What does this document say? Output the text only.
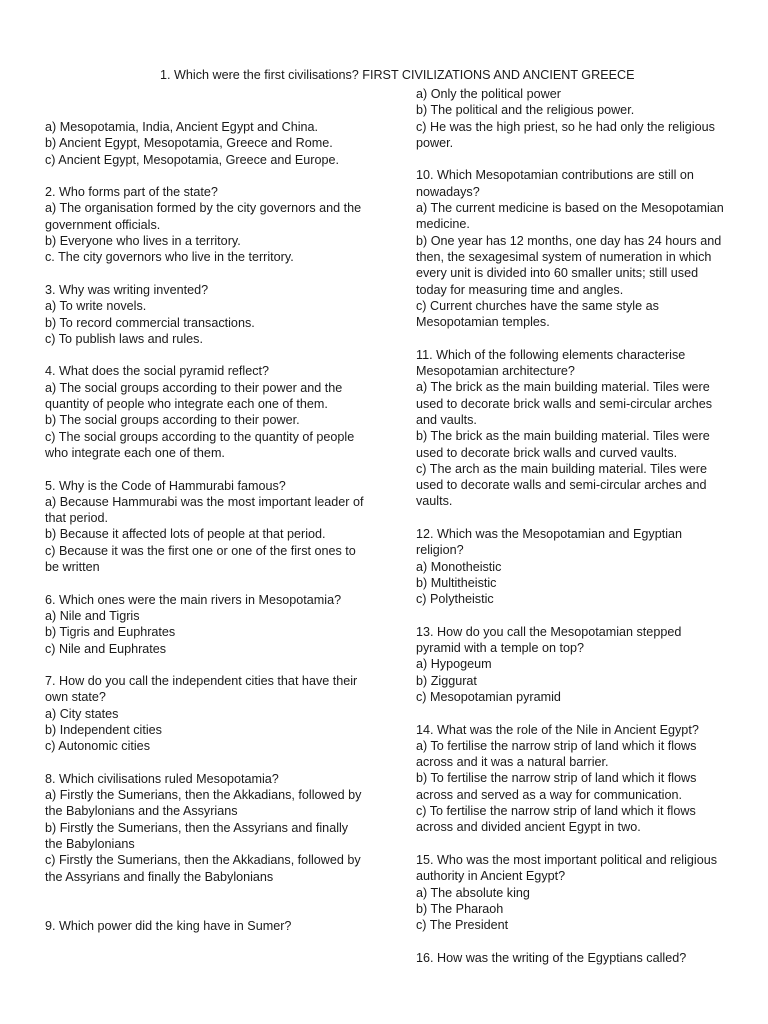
1. Which were the first civilisations? FIRST CIVILIZATIONS AND ANCIENT GREECE

a) Mesopotamia, India, Ancient Egypt and China.

b) Ancient Egypt, Mesopotamia, Greece and Rome.

c) Ancient Egypt, Mesopotamia, Greece and Europe.

2. Who forms part of the state?

a) The organisation formed by the city governors and the government officials.

b) Everyone who lives in a territory.

c. The city governors who live in the territory.

3. Why was writing invented?

a) To write novels.

b) To record commercial transactions.

c) To publish laws and rules.

4. What does the social pyramid reflect?

a) The social groups according to their power and the quantity of people who integrate each one of them.

b) The social groups according to their power.

c) The social groups according to the quantity of people who integrate each one of them.

5. Why is the Code of Hammurabi famous?

a) Because Hammurabi was the most important leader of that period.

b) Because it affected lots of people at that period.

c) Because it was the first one or one of the first ones to be written

6. Which ones were the main rivers in Mesopotamia?

a) Nile and Tigris

b) Tigris and Euphrates

c) Nile and Euphrates

7. How do you call the independent cities that have their own state?

a) City states

b) Independent cities

c) Autonomic cities

8. Which civilisations ruled Mesopotamia?

a) Firstly the Sumerians, then the Akkadians, followed by the Babylonians and the Assyrians

b) Firstly the Sumerians, then the Assyrians and finally the Babylonians

c) Firstly the Sumerians, then the Akkadians, followed by the Assyrians and finally the Babylonians

9. Which power did the king have in Sumer?

a) Only the political power

b) The political and the religious power.

c) He was the high priest, so he had only the religious power.

10. Which Mesopotamian contributions are still on nowadays?

a) The current medicine is based on the Mesopotamian medicine.

b) One year has 12 months, one day has 24 hours and then, the sexagesimal system of numeration in which every unit is divided into 60 smaller units; still used today for measuring time and angles.

c) Current churches have the same style as Mesopotamian temples.

11. Which of the following elements characterise Mesopotamian architecture?

a) The brick as the main building material. Tiles were used to decorate brick walls and semi-circular arches and vaults.

b) The brick as the main building material. Tiles were used to decorate brick walls and curved vaults.

c) The arch as the main building material. Tiles were used to decorate walls and semi-circular arches and vaults.

12. Which was the Mesopotamian and Egyptian religion?

a) Monotheistic

b) Multitheistic

c) Polytheistic

13. How do you call the Mesopotamian stepped pyramid with a temple on top?

a) Hypogeum

b) Ziggurat

c) Mesopotamian pyramid

14. What was the role of the Nile in Ancient Egypt?

a) To fertilise the narrow strip of land which it flows across and it was a natural barrier.

b) To fertilise the narrow strip of land which it flows across and served as a way for communication.

c) To fertilise the narrow strip of land which it flows across and divided ancient Egypt in two.

15. Who was the most important political and religious authority in Ancient Egypt?

a) The absolute king

b) The Pharaoh

c) The President

16. How was the writing of the Egyptians called?
